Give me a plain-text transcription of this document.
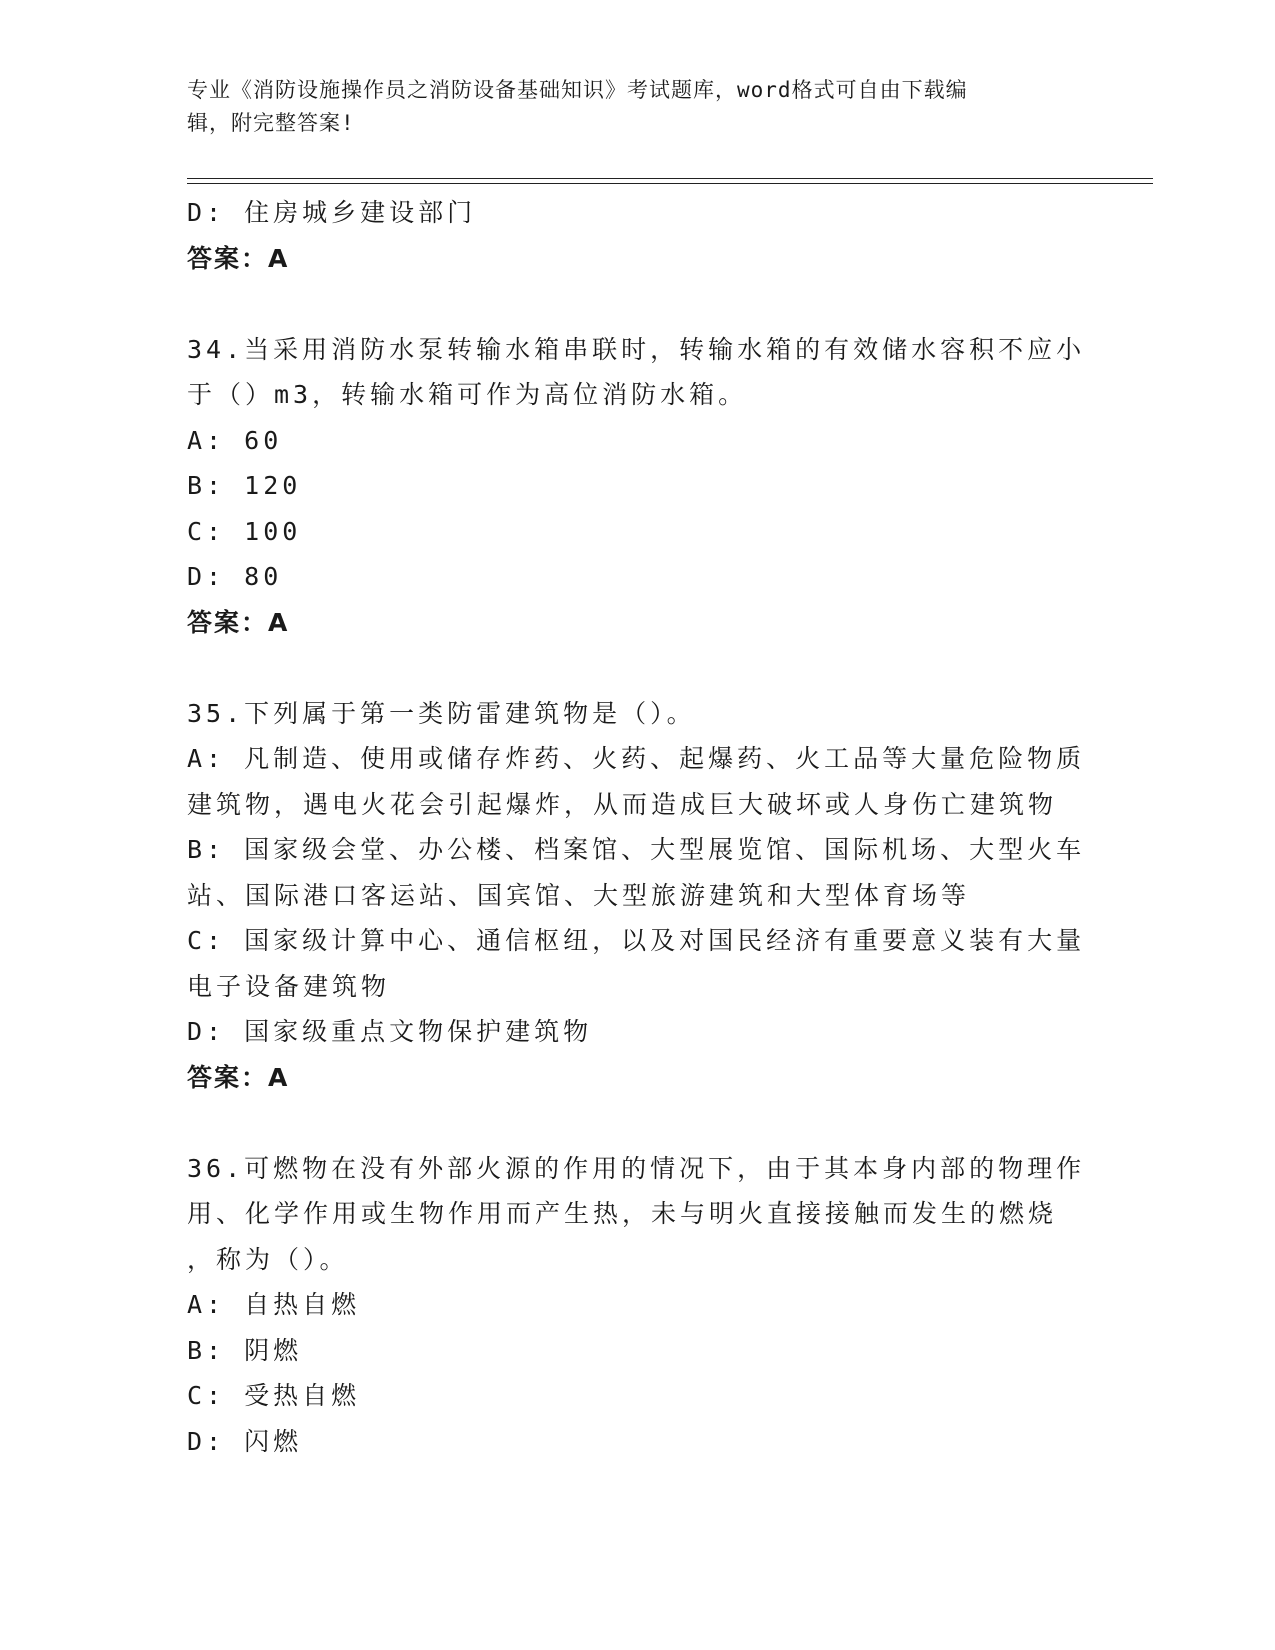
专业《消防设施操作员之消防设备基础知识》考试题库，word格式可自由下载编
辑，附完整答案!
D: 住房城乡建设部门
答案：A
34.当采用消防水泵转输水箱串联时，转输水箱的有效储水容积不应小
于（）m3，转输水箱可作为高位消防水箱。
A: 60
B: 120
C: 100
D: 80
答案：A
35.下列属于第一类防雷建筑物是（）。
A: 凡制造、使用或储存炸药、火药、起爆药、火工品等大量危险物质
建筑物，遇电火花会引起爆炸，从而造成巨大破坏或人身伤亡建筑物
B: 国家级会堂、办公楼、档案馆、大型展览馆、国际机场、大型火车
站、国际港口客运站、国宾馆、大型旅游建筑和大型体育场等
C: 国家级计算中心、通信枢纽，以及对国民经济有重要意义装有大量
电子设备建筑物
D: 国家级重点文物保护建筑物
答案：A
36.可燃物在没有外部火源的作用的情况下，由于其本身内部的物理作
用、化学作用或生物作用而产生热，未与明火直接接触而发生的燃烧
，称为（）。
A: 自热自燃
B: 阴燃
C: 受热自燃
D: 闪燃
